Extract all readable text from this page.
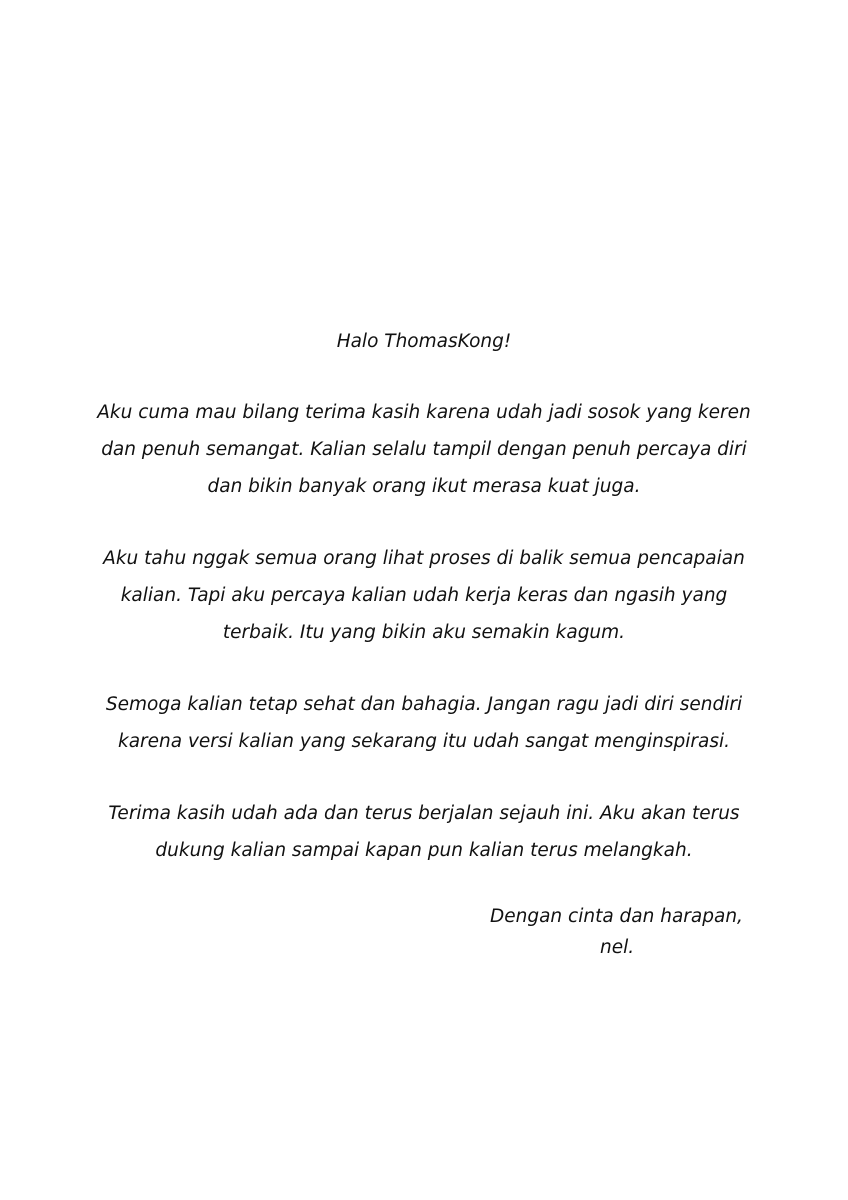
Halo ThomasKong!
Aku cuma mau bilang terima kasih karena udah jadi sosok yang keren
dan penuh semangat. Kalian selalu tampil dengan penuh percaya diri
dan bikin banyak orang ikut merasa kuat juga.
Aku tahu nggak semua orang lihat proses di balik semua pencapaian
kalian. Tapi aku percaya kalian udah kerja keras dan ngasih yang
terbaik. Itu yang bikin aku semakin kagum.
Semoga kalian tetap sehat dan bahagia. Jangan ragu jadi diri sendiri
karena versi kalian yang sekarang itu udah sangat menginspirasi.
Terima kasih udah ada dan terus berjalan sejauh ini. Aku akan terus
dukung kalian sampai kapan pun kalian terus melangkah.
Dengan cinta dan harapan,
nel.
